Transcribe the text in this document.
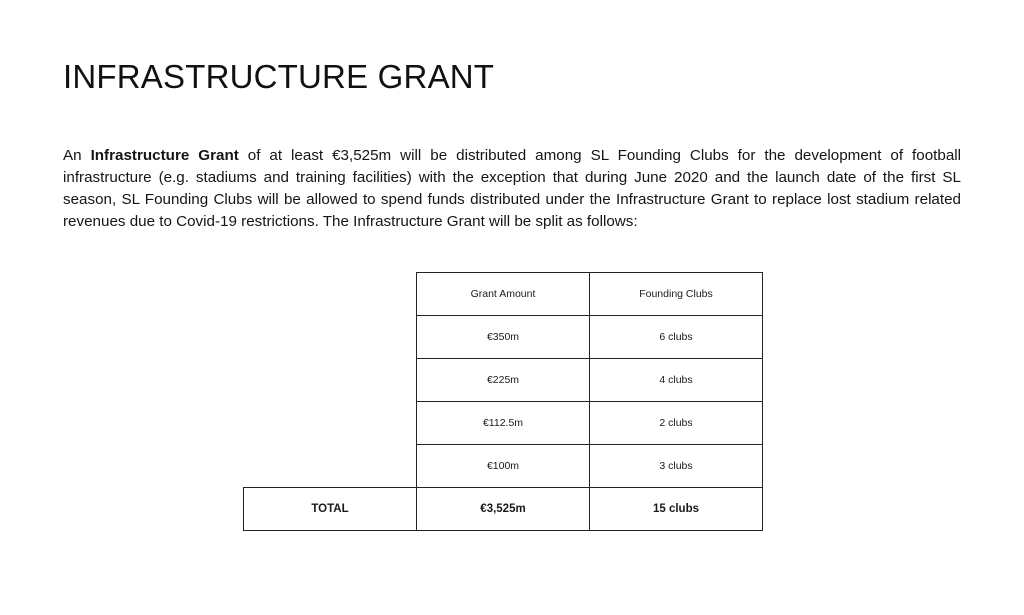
INFRASTRUCTURE GRANT

An Infrastructure Grant of at least €3,525m will be distributed among SL Founding Clubs for the development of football infrastructure (e.g. stadiums and training facilities) with the exception that during June 2020 and the launch date of the first SL season, SL Founding Clubs will be allowed to spend funds distributed under the Infrastructure Grant to replace lost stadium related revenues due to Covid-19 restrictions. The Infrastructure Grant will be split as follows:

	Grant Amount	Founding Clubs
	€350m	6 clubs
	€225m	4 clubs
	€112.5m	2 clubs
	€100m	3 clubs
TOTAL	€3,525m	15 clubs
